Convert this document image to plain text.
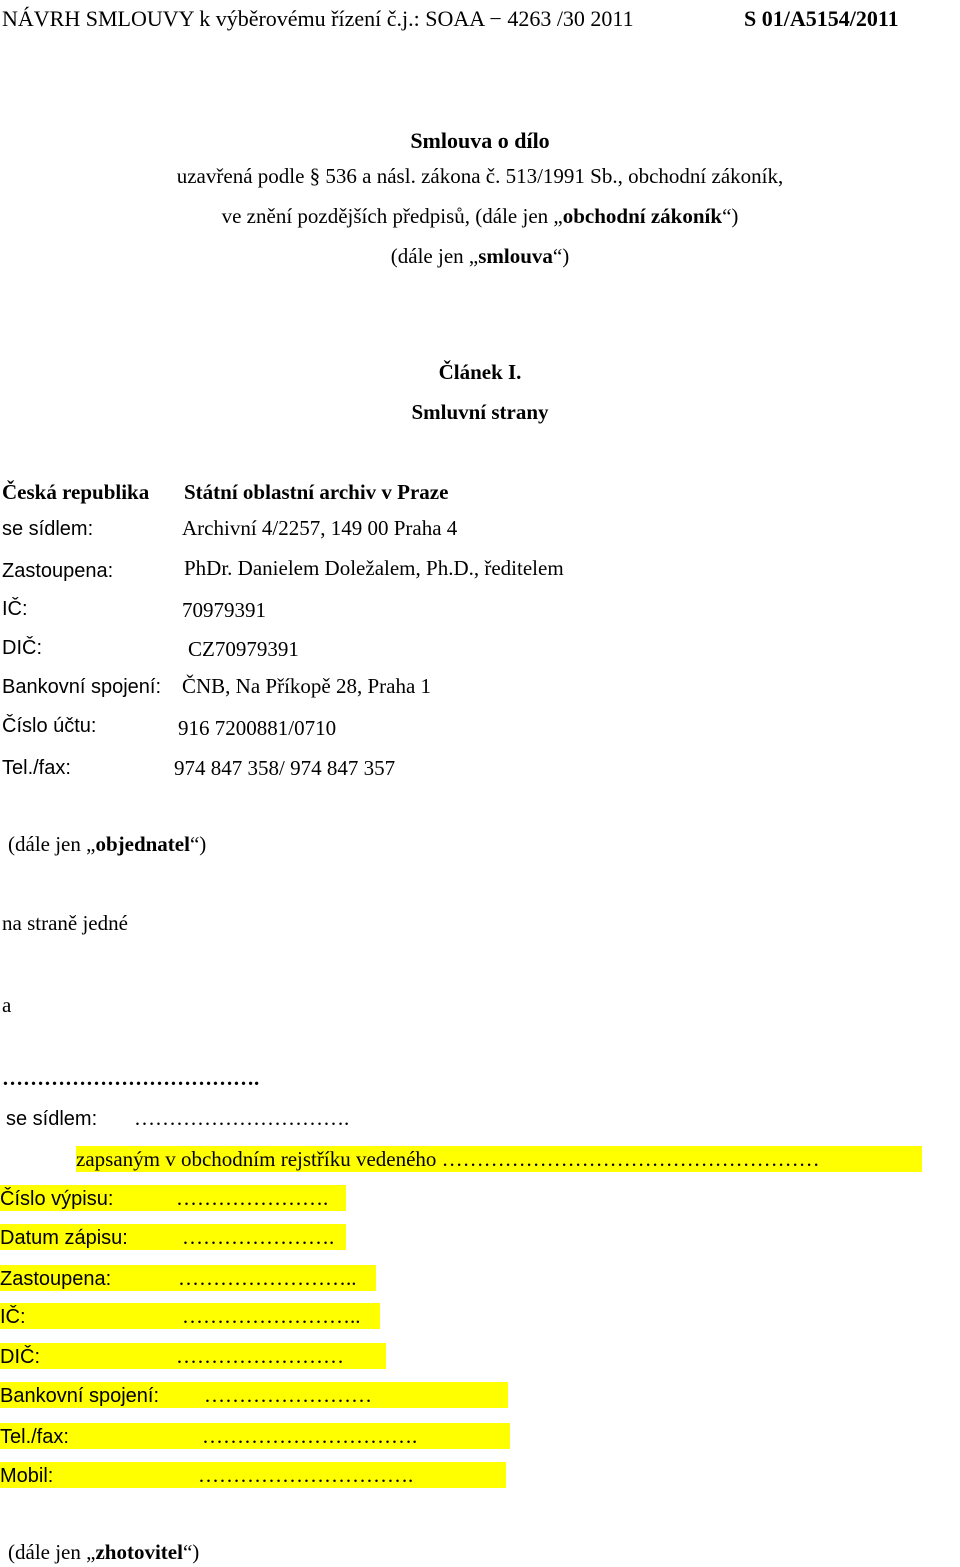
NÁVRH SMLOUVY k výběrovému řízení č.j.: SOAA − 4263 /30 2011	S 01/A5154/2011
Smlouva o dílo
uzavřená podle § 536 a násl. zákona č. 513/1991 Sb., obchodní zákoník,
ve znění pozdějších předpisů, (dále jen „obchodní zákoník“)
(dále jen „smlouva“)
Článek I.
Smluvní strany
Česká republika Státní oblastní archiv v Praze
se sídlem:	Archivní 4/2257, 149 00 Praha 4
Zastoupena:	PhDr. Danielem Doležalem, Ph.D., ředitelem
IČ:	70979391
DIČ:	CZ70979391
Bankovní spojení: ČNB, Na Příkopě 28, Praha 1
Číslo účtu:	916 7200881/0710
Tel./fax:	974 847 358/ 974 847 357
(dále jen „objednatel“)
na straně jedné
a
……………………………….
se sídlem: ………………………….
zapsaným v obchodním rejstříku vedeného ………………………………………………
Číslo výpisu:	………………….
Datum zápisu:	………………….
Zastoupena:	……………………..
IČ:	……………………..
DIČ:	……………………
Bankovní spojení: ……………………
Tel./fax:	………………………….
Mobil:	………………………….
(dále jen „zhotovitel“)
